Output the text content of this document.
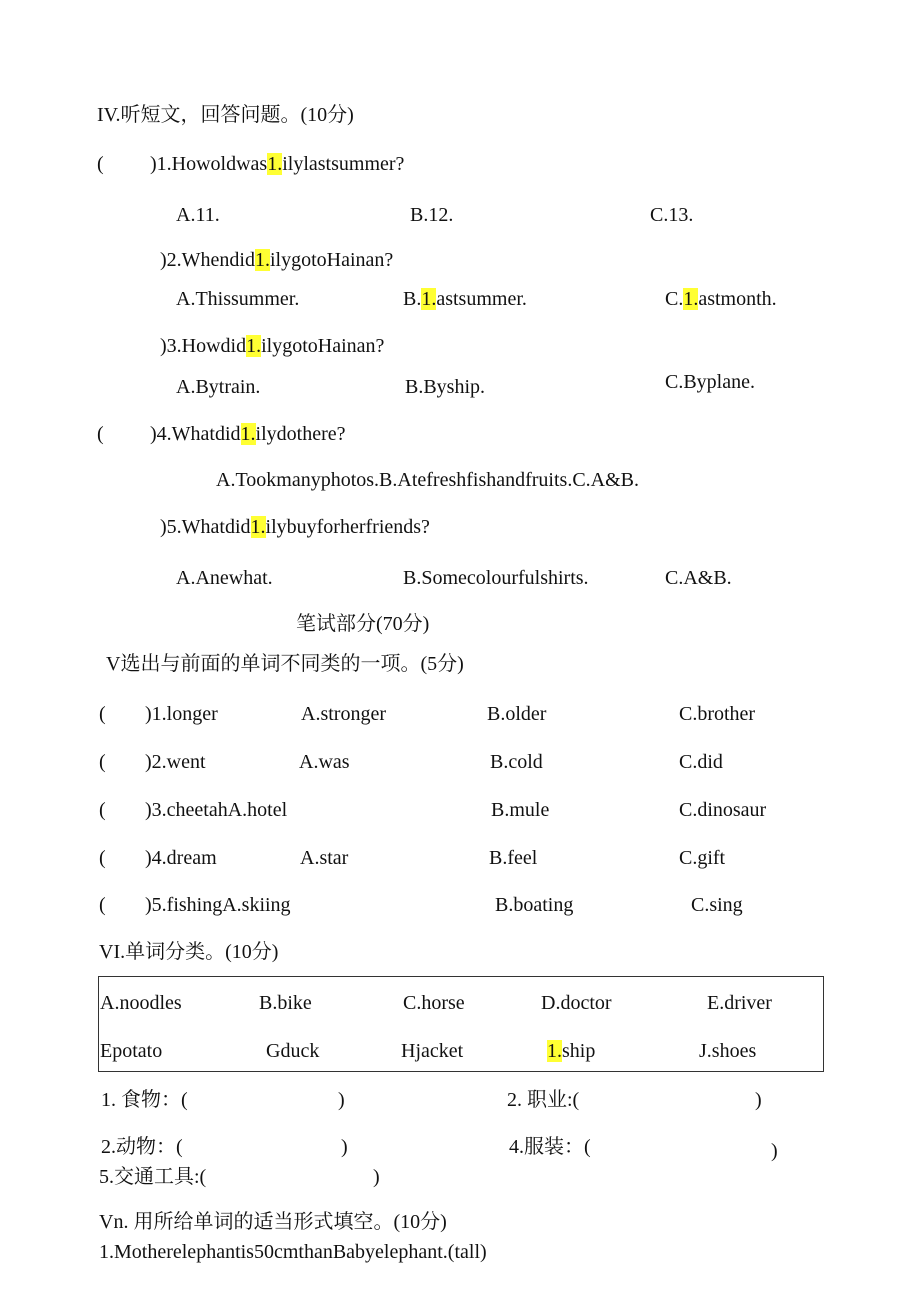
IV.听短文，回答问题。(10分)
( )1.Howoldwas1.ilylastsummer?
A.11.	B.12.	C.13.
)2.Whendid1.ilygotoHainan?
A.Thissummer.	B.1.astsummer.	C.1.astmonth.
)3.Howdid1.ilygotoHainan?
A.Bytrain.	B.Byship.	C.Byplane.
( )4.Whatdid1.ilydothere?
A.Tookmanyphotos.B.Atefreshfishandfruits.C.A&B.
)5.Whatdid1.ilybuyforherfriends?
A.Anewhat.	B.Somecolourfulshirts.	C.A&B.
笔试部分(70分)
V选出与前面的单词不同类的一项。(5分)
( )1.longer	A.stronger	B.older	C.brother
( )2.went	A.was	B.cold	C.did
( )3.cheetahA.hotel	B.mule	C.dinosaur
( )4.dream	A.star	B.feel	C.gift
( )5.fishingA.skiing	B.boating	C.sing
VI.单词分类。(10分)
A.noodles	B.bike	C.horse	D.doctor	E.driver
Epotato	Gduck	Hjacket	1.ship	J.shoes
1. 食物：(	)	2. 职业:(	)
2.动物：(	)	4.服装：(	)
5.交通工具:(	)
Vn. 用所给单词的适当形式填空。(10分)
1.Motherelephantis50cmthanBabyelephant.(tall)
